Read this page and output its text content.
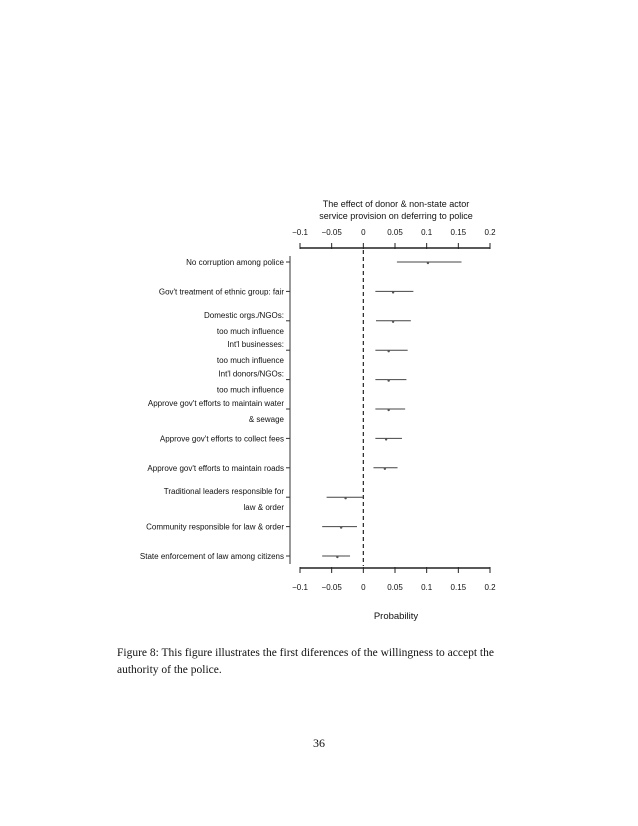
The effect of donor & non-state actor
service provision on deferring to police
−0.1
−0.1
−0.05
−0.05
0
0
0.05
0.05
0.1
0.1
0.15
0.15
0.2
0.2
Probability
No corruption among police
Gov't treatment of ethnic group: fair
Domestic orgs./NGOs:
too much influence
Int'l businesses:
too much influence
Int'l donors/NGOs:
too much influence
Approve gov't efforts to maintain water
& sewage
Approve gov't efforts to collect fees
Approve gov't efforts to maintain roads
Traditional leaders responsible for
law & order
Community responsible for law & order
State enforcement of law among citizens
Figure 8: This figure illustrates the first diferences of the willingness to accept the authority of the police.
36
